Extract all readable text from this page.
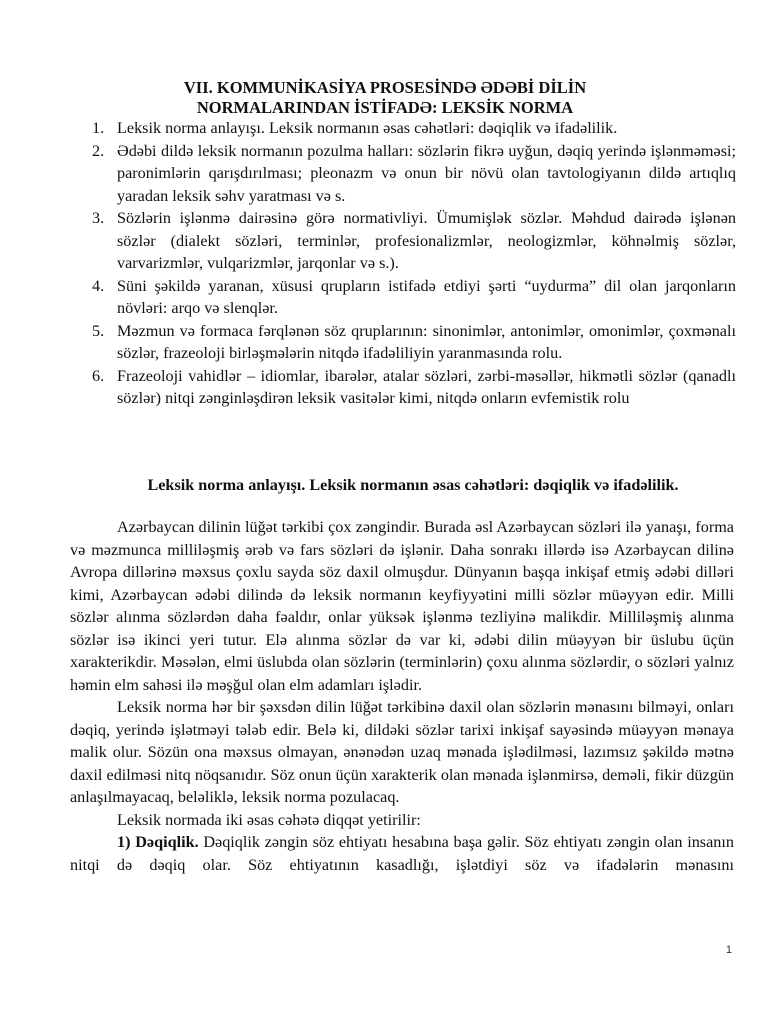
VII. KOMMUNİKASİYA PROSESİNDƏ ƏDƏBİ DİLİN
NORMALARINDAN İSTİFADƏ: LEKSİK NORMA
1. Leksik norma anlayışı. Leksik normanın əsas cəhətləri: dəqiqlik və ifadəlilik.
2. Ədəbi dildə leksik normanın pozulma halları: sözlərin fikrə uyğun, dəqiq yerində işlənməməsi; paronimlərin qarışdırılması; pleonazm və onun bir növü olan tavtologiyanın dildə artıqlıq yaradan leksik səhv yaratması və s.
3. Sözlərin işlənmə dairəsinə görə normativliyi. Ümumişlək sözlər. Məhdud dairədə işlənən sözlər (dialekt sözləri, terminlər, profesionalizmlər, neologizmlər, köhnəlmiş sözlər, varvarizmlər, vulqarizmlər, jarqonlar və s.).
4. Süni şəkildə yaranan, xüsusi qrupların istifadə etdiyi şərti “uydurma” dil olan jarqonların növləri: arqo və slenqlər.
5. Məzmun və formaca fərqlənən söz qruplarının: sinonimlər, antonimlər, omonimlər, çoxmənalı sözlər, frazeoloji birləşmələrin nitqdə ifadəliliyin yaranmasında rolu.
6. Frazeoloji vahidlər – idiomlar, ibarələr, atalar sözləri, zərbi-məsəllər, hikmətli sözlər (qanadlı sözlər) nitqi zənginləşdirən leksik vasitələr kimi, nitqdə onların evfemistik rolu
Leksik norma anlayışı. Leksik normanın əsas cəhətləri: dəqiqlik və ifadəlilik.

Azərbaycan dilinin lüğət tərkibi çox zəngindir. Burada əsl Azərbaycan sözləri ilə yanaşı, forma və məzmunca milliləşmiş ərəb və fars sözləri də işlənir. Daha sonrakı illərdə isə Azərbaycan dilinə Avropa dillərinə məxsus çoxlu sayda söz daxil olmuşdur. Dünyanın başqa inkişaf etmiş ədəbi dilləri kimi, Azərbaycan ədəbi dilində də leksik normanın keyfiyyətini milli sözlər müəyyən edir. Milli sözlər alınma sözlərdən daha fəaldır, onlar yüksək işlənmə tezliyinə malikdir. Milliləşmiş alınma sözlər isə ikinci yeri tutur. Elə alınma sözlər də var ki, ədəbi dilin müəyyən bir üslubu üçün xarakterikdir. Məsələn, elmi üslubda olan sözlərin (terminlərin) çoxu alınma sözlərdir, o sözləri yalnız həmin elm sahəsi ilə məşğul olan elm adamları işlədir.

Leksik norma hər bir şəxsdən dilin lüğət tərkibinə daxil olan sözlərin mənasını bilməyi, onları dəqiq, yerində işlətməyi tələb edir. Belə ki, dildəki sözlər tarixi inkişaf sayəsində müəyyən mənaya malik olur. Sözün ona məxsus olmayan, ənənədən uzaq mənada işlədilməsi, lazımsız şəkildə mətnə daxil edilməsi nitq nöqsanıdır. Söz onun üçün xarakterik olan mənada işlənmirsə, deməli, fikir düzgün anlaşılmayacaq, beləliklə, leksik norma pozulacaq.

Leksik normada iki əsas cəhətə diqqət yetirilir:

1) Dəqiqlik. Dəqiqlik zəngin söz ehtiyatı hesabına başa gəlir. Söz ehtiyatı zəngin olan insanın nitqi də dəqiq olar. Söz ehtiyatının kasadlığı, işlətdiyi söz və ifadələrin mənasını

1
